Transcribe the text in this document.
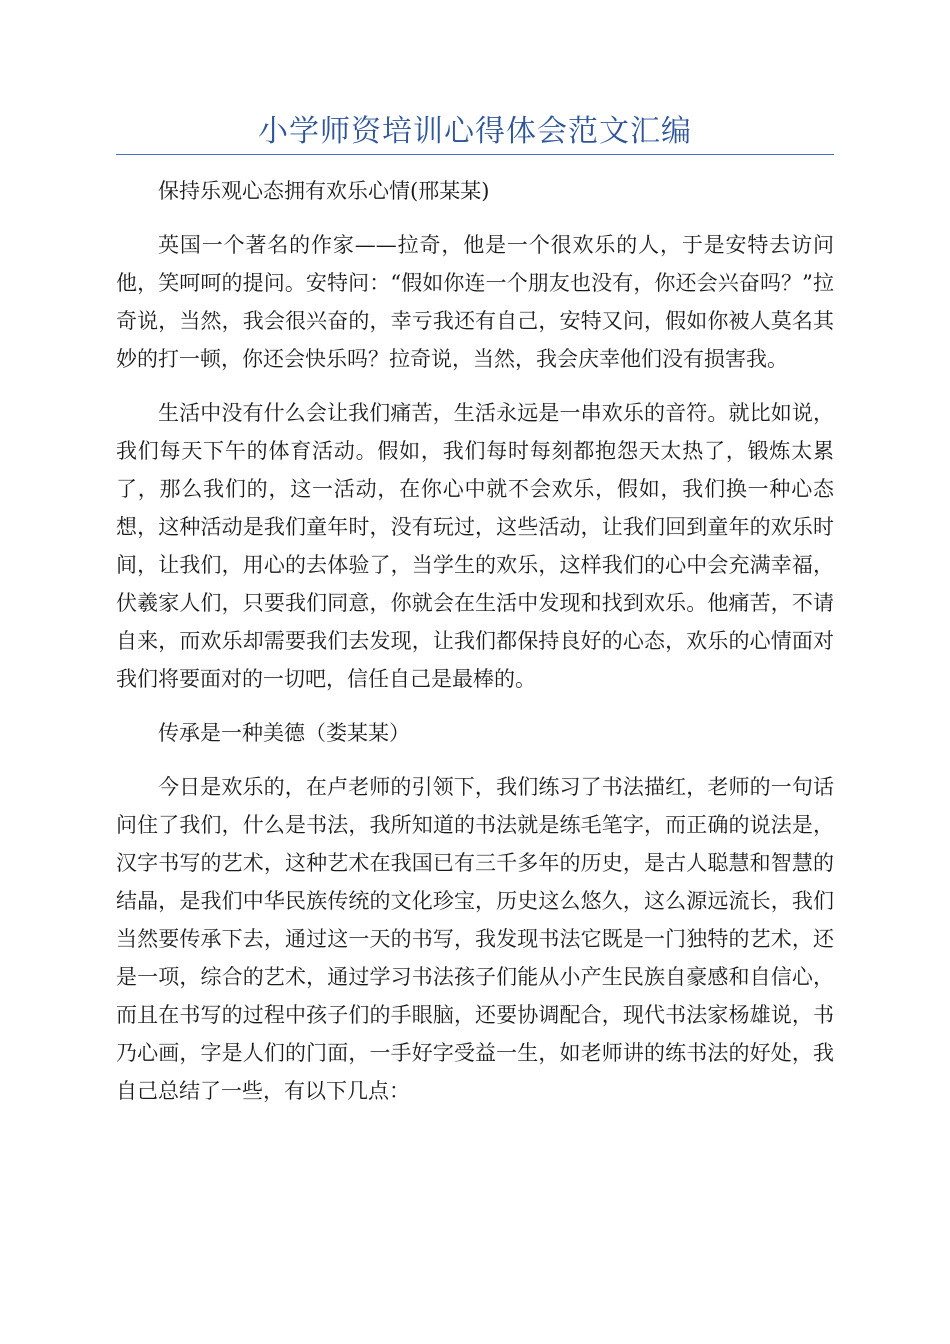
小学师资培训心得体会范文汇编

保持乐观心态拥有欢乐心情(邢某某)

英国一个著名的作家——拉奇，他是一个很欢乐的人，于是安特去访问他，笑呵呵的提问。安特问：“假如你连一个朋友也没有，你还会兴奋吗？”拉奇说，当然，我会很兴奋的，幸亏我还有自己，安特又问，假如你被人莫名其妙的打一顿，你还会快乐吗？拉奇说，当然，我会庆幸他们没有损害我。

生活中没有什么会让我们痛苦，生活永远是一串欢乐的音符。就比如说，我们每天下午的体育活动。假如，我们每时每刻都抱怨天太热了，锻炼太累了，那么我们的，这一活动，在你心中就不会欢乐，假如，我们换一种心态想，这种活动是我们童年时，没有玩过，这些活动，让我们回到童年的欢乐时间，让我们，用心的去体验了，当学生的欢乐，这样我们的心中会充满幸福，伏羲家人们，只要我们同意，你就会在生活中发现和找到欢乐。他痛苦，不请自来，而欢乐却需要我们去发现，让我们都保持良好的心态，欢乐的心情面对我们将要面对的一切吧，信任自己是最棒的。

传承是一种美德（娄某某）

今日是欢乐的，在卢老师的引领下，我们练习了书法描红，老师的一句话问住了我们，什么是书法，我所知道的书法就是练毛笔字，而正确的说法是，汉字书写的艺术，这种艺术在我国已有三千多年的历史，是古人聪慧和智慧的结晶，是我们中华民族传统的文化珍宝，历史这么悠久，这么源远流长，我们当然要传承下去，通过这一天的书写，我发现书法它既是一门独特的艺术，还是一项，综合的艺术，通过学习书法孩子们能从小产生民族自豪感和自信心，而且在书写的过程中孩子们的手眼脑，还要协调配合，现代书法家杨雄说，书乃心画，字是人们的门面，一手好字受益一生，如老师讲的练书法的好处，我自己总结了一些，有以下几点：
